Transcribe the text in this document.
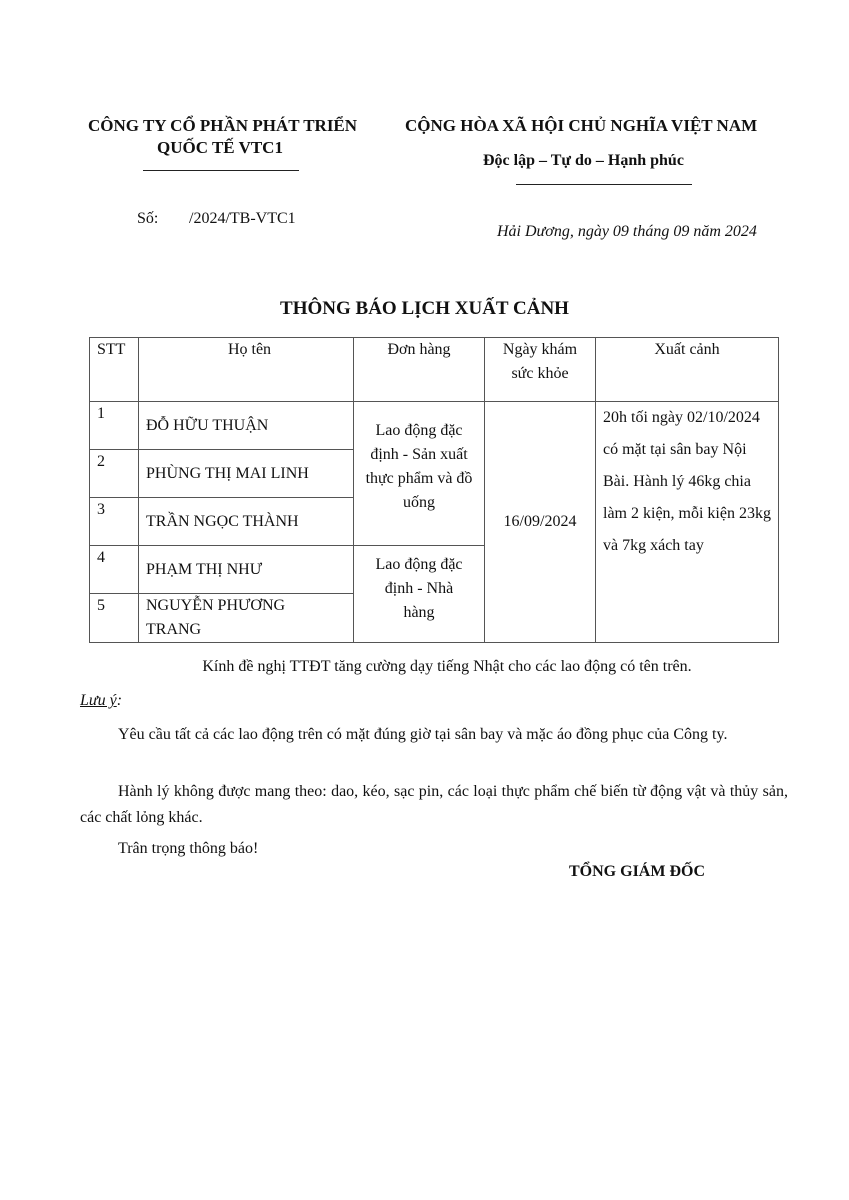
CÔNG TY CỔ PHẦN PHÁT TRIỂN
QUỐC TẾ VTC1
CỘNG HÒA XÃ HỘI CHỦ NGHĨA VIỆT NAM
Độc lập – Tự do – Hạnh phúc
Số: /2024/TB-VTC1
Hải Dương, ngày 09 tháng 09 năm 2024
THÔNG BÁO LỊCH XUẤT CẢNH
STT	Họ tên	Đơn hàng	Ngày khám sức khỏe	Xuất cảnh
1	ĐỖ HỮU THUẬN	Lao động đặc định - Sản xuất thực phẩm và đồ uống	16/09/2024	20h tối ngày 02/10/2024 có mặt tại sân bay Nội Bài. Hành lý 46kg chia làm 2 kiện, mỗi kiện 23kg và 7kg xách tay

2	PHÙNG THỊ MAI LINH			
3	TRẦN NGỌC THÀNH			
4	PHẠM THỊ NHƯ	Lao động đặc định - Nhà hàng		

5	NGUYỄN PHƯƠNG TRANG			
Kính đề nghị TTĐT tăng cường dạy tiếng Nhật cho các lao động có tên trên.
Lưu ý:
Yêu cầu tất cả các lao động trên có mặt đúng giờ tại sân bay và mặc áo đồng phục của Công ty.
Hành lý không được mang theo: dao, kéo, sạc pin, các loại thực phẩm chế biến từ động vật và thủy sản, các chất lỏng khác.
Trân trọng thông báo!
TỔNG GIÁM ĐỐC
